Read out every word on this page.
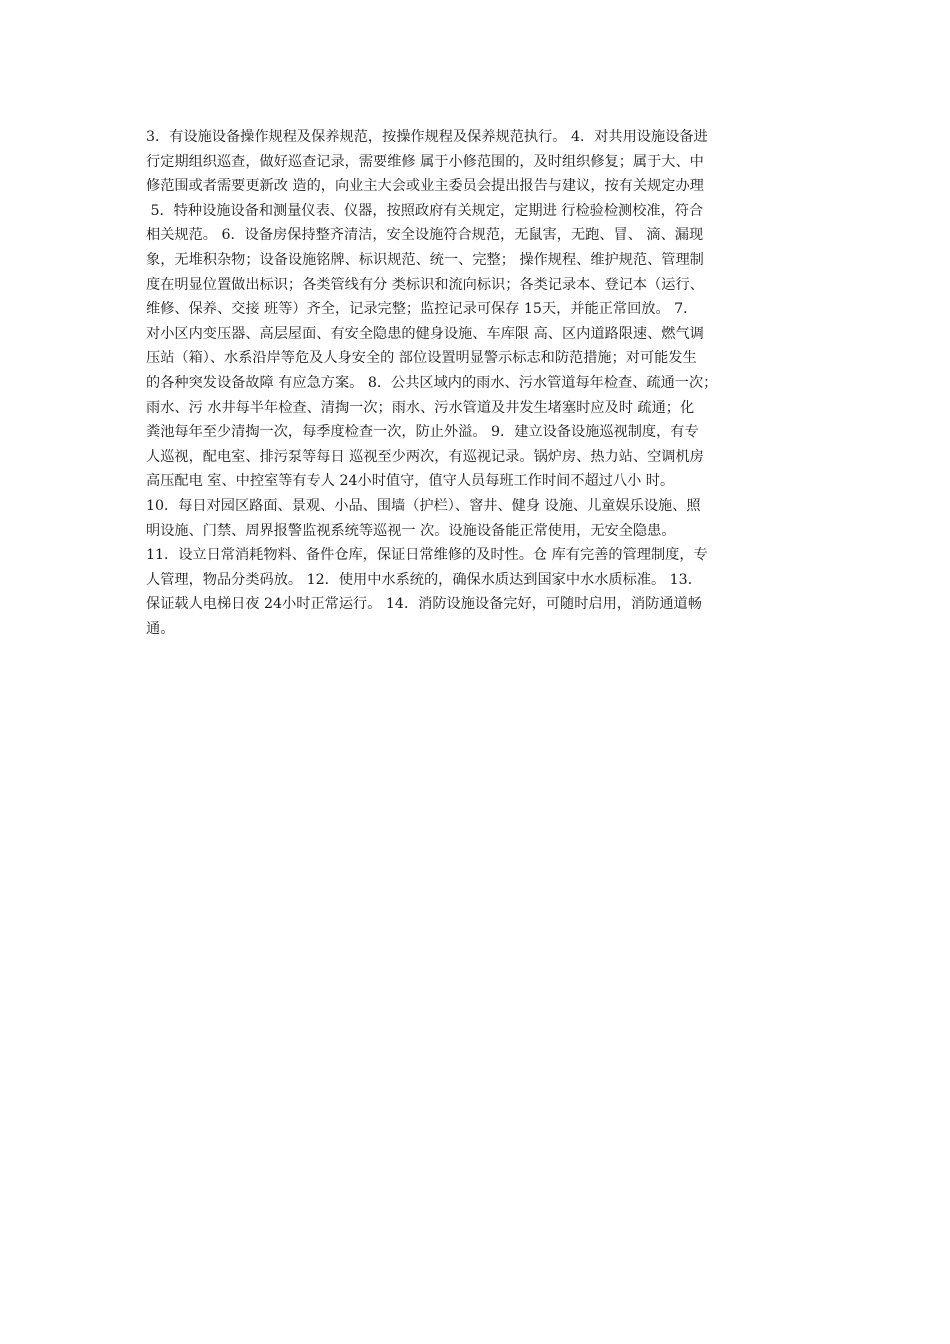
3．有设施设备操作规程及保养规范，按操作规程及保养规范执行。 4．对共用设施设备进
行定期组织巡查，做好巡查记录，需要维修 属于小修范围的，及时组织修复；属于大、中
修范围或者需要更新改 造的，向业主大会或业主委员会提出报告与建议，按有关规定办理
5．特种设施设备和测量仪表、仪器，按照政府有关规定，定期进 行检验检测校准，符合
相关规范。 6．设备房保持整齐清洁，安全设施符合规范，无鼠害，无跑、冒、 滴、漏现
象，无堆积杂物；设备设施铭牌、标识规范、统一、完整； 操作规程、维护规范、管理制
度在明显位置做出标识；各类管线有分 类标识和流向标识；各类记录本、登记本（运行、
维修、保养、交接 班等）齐全，记录完整；监控记录可保存 15天，并能正常回放。 7．
对小区内变压器、高层屋面、有安全隐患的健身设施、车库限 高、区内道路限速、燃气调
压站（箱）、水系沿岸等危及人身安全的 部位设置明显警示标志和防范措施；对可能发生
的各种突发设备故障 有应急方案。 8．公共区域内的雨水、污水管道每年检查、疏通一次；
雨水、污 水井每半年检查、清掏一次；雨水、污水管道及井发生堵塞时应及时 疏通；化
粪池每年至少清掏一次，每季度检查一次，防止外溢。 9．建立设备设施巡视制度，有专
人巡视，配电室、排污泵等每日 巡视至少两次，有巡视记录。锅炉房、热力站、空调机房
高压配电 室、中控室等有专人 24小时值守，值守人员每班工作时间不超过八小 时。
10．每日对园区路面、景观、小品、围墙（护栏）、窨井、健身 设施、儿童娱乐设施、照
明设施、门禁、周界报警监视系统等巡视一 次。设施设备能正常使用，无安全隐患。
11．设立日常消耗物料、备件仓库，保证日常维修的及时性。仓 库有完善的管理制度，专
人管理，物品分类码放。 12．使用中水系统的，确保水质达到国家中水水质标准。 13．
保证载人电梯日夜 24小时正常运行。 14．消防设施设备完好，可随时启用，消防通道畅
通。
